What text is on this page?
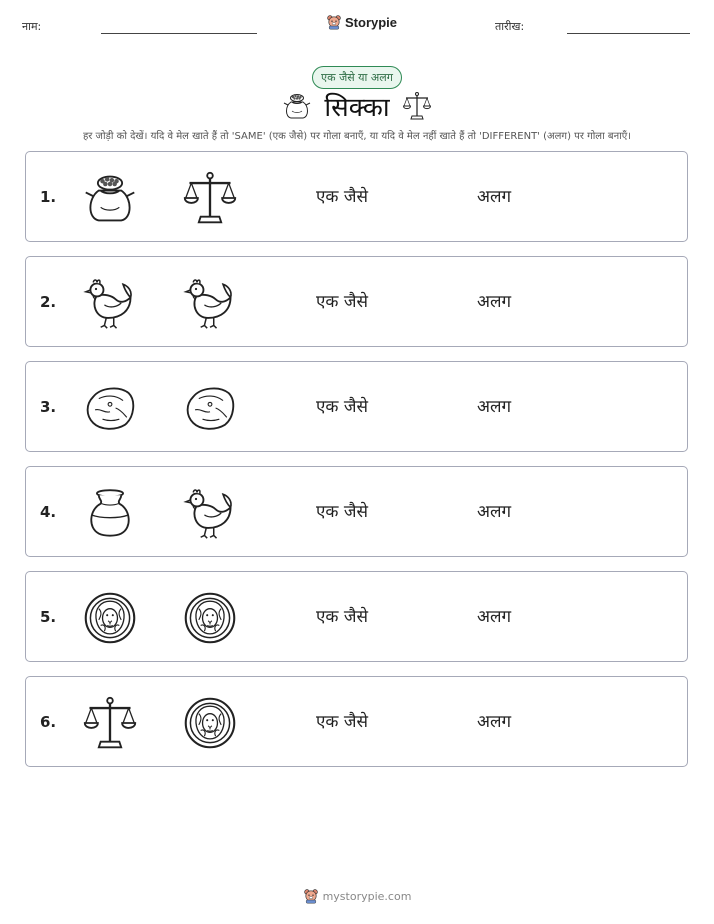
नाम:	Storypie	तारीख:
एक जैसे या अलग
सिक्का
हर जोड़ी को देखें। यदि वे मेल खाते हैं तो 'SAME' (एक जैसे) पर गोला बनाएँ, या यदि वे मेल नहीं खाते हैं तो 'DIFFERENT' (अलग) पर गोला बनाएँ।
1.	एक जैसे	अलग
2.	एक जैसे	अलग
3.	एक जैसे	अलग
4.	एक जैसे	अलग
5.	एक जैसे	अलग
6.	एक जैसे	अलग
mystorypie.com
